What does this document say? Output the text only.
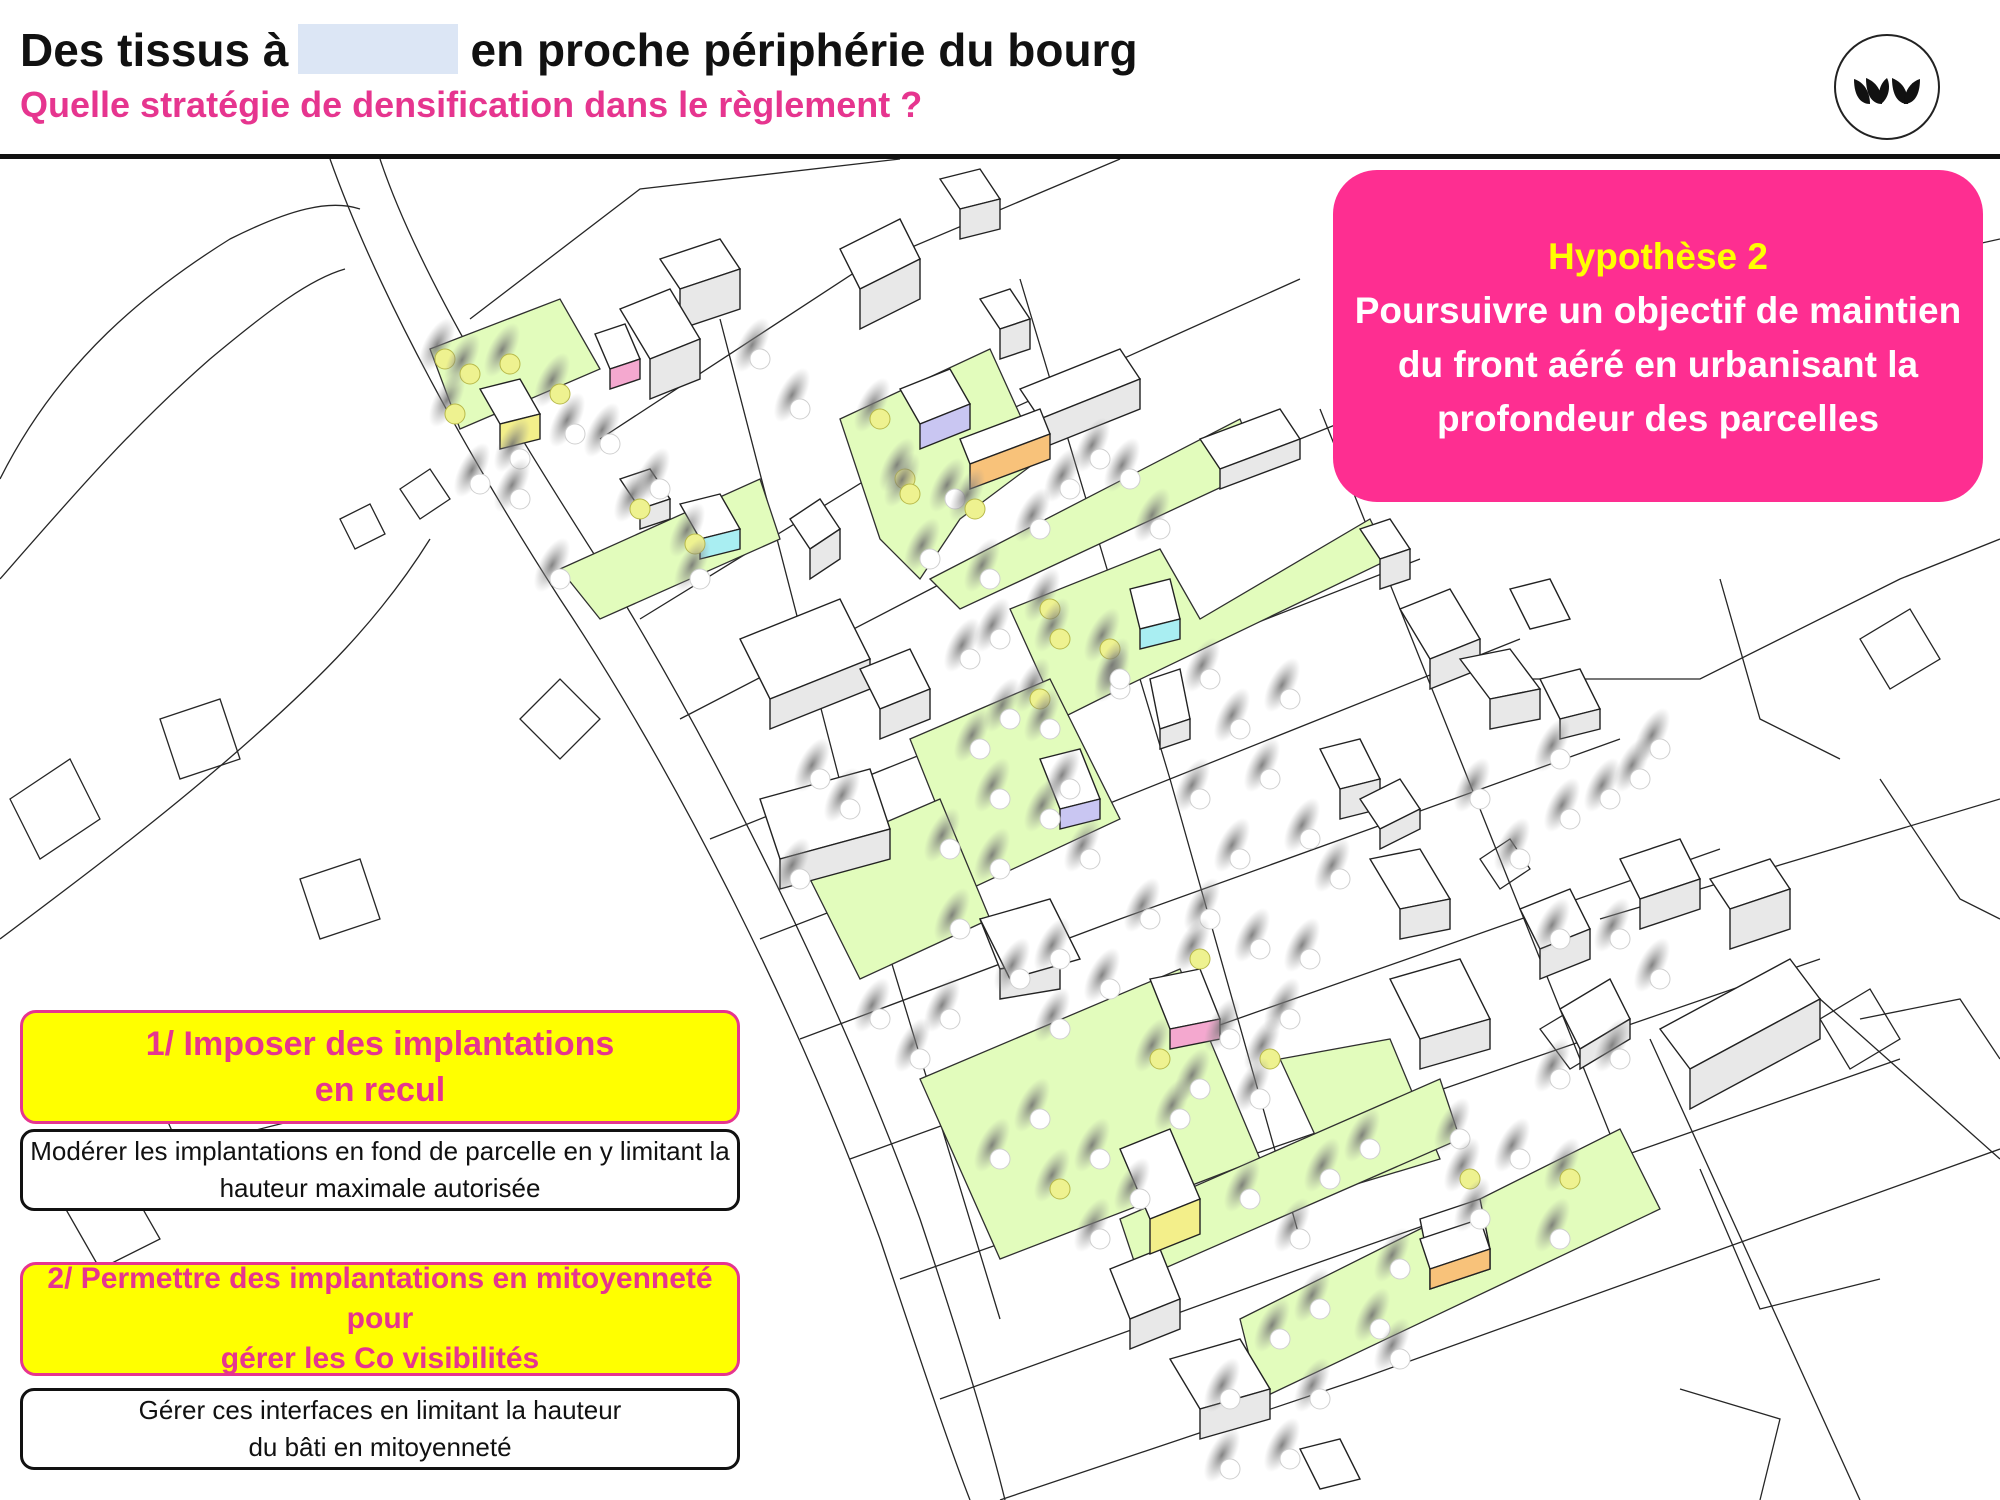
Des tissus à	en proche périphérie du bourg
Quelle stratégie de densification dans le règlement ?
Hypothèse 2
Poursuivre un objectif de maintien
du front aéré en urbanisant la
profondeur des parcelles
1/ Imposer des implantations
en recul
Modérer les implantations en fond de parcelle en y limitant la
hauteur maximale autorisée
2/ Permettre des implantations en mitoyenneté pour
gérer les Co visibilités
Gérer ces interfaces en limitant la hauteur
du bâti en mitoyenneté
